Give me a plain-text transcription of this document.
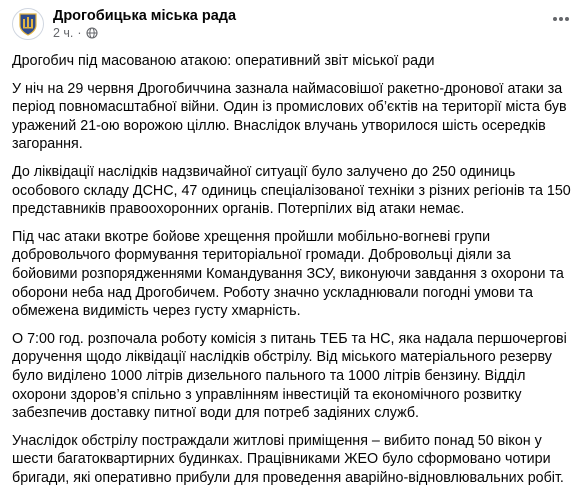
Дрогобицька міська рада
2 ч. ·

Дрогобич під масованою атакою: оперативний звіт міської ради

У ніч на 29 червня Дрогобиччина зазнала наймасовішої ракетно-дронової атаки за період повномасштабної війни. Один із промислових об’єктів на території міста був уражений 21-ою ворожою ціллю. Внаслідок влучань утворилося шість осередків загорання.

До ліквідації наслідків надзвичайної ситуації було залучено до 250 одиниць особового складу ДСНС, 47 одиниць спеціалізованої техніки з різних регіонів та 150 представників правоохоронних органів. Потерпілих від атаки немає.

Під час атаки вкотре бойове хрещення пройшли мобільно-вогневі групи добровольчого формування територіальної громади. Добровольці діяли за бойовими розпорядженнями Командування ЗСУ, виконуючи завдання з охорони та оборони неба над Дрогобичем. Роботу значно ускладнювали погодні умови та обмежена видимість через густу хмарність.

О 7:00 год. розпочала роботу комісія з питань ТЕБ та НС, яка надала першочергові доручення щодо ліквідації наслідків обстрілу. Від міського матеріального резерву було виділено 1000 літрів дизельного пального та 1000 літрів бензину. Відділ охорони здоров’я спільно з управлінням інвестицій та економічного розвитку забезпечив доставку питної води для потреб задіяних служб.

Унаслідок обстрілу постраждали житлові приміщення – вибито понад 50 вікон у шести багатоквартирних будинках. Працівниками ЖЕО було сформовано чотири бригади, які оперативно прибули для проведення аварійно-відновлювальних робіт.
